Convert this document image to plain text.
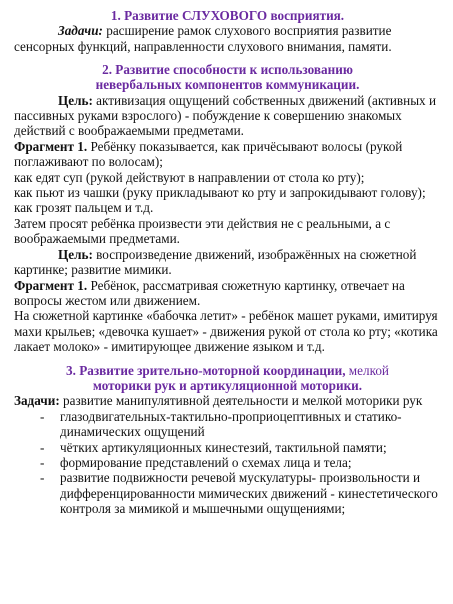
1. Развитие СЛУХОВОГО восприятия.

Задачи: расширение рамок слухового восприятия развитие сенсорных функций, направленности слухового внимания, памяти.

2. Развитие способности к использованию
невербальных компонентов коммуникации.

Цель: активизация ощущений собственных движений (активных и пассивных руками взрослого) - побуждение к совершению знакомых действий с воображаемыми предметами.

Фрагмент 1. Ребёнку показывается, как причёсывают волосы (рукой поглаживают по волосам);

как едят суп (рукой действуют в направлении от стола ко рту);

как пьют из чашки (руку прикладывают ко рту и запрокидывают голову); как грозят пальцем и т.д.

Затем просят ребёнка произвести эти действия не с реальными, а с воображаемыми предметами.

Цель: воспроизведение движений, изображённых на сюжетной картинке; развитие мимики.

Фрагмент 1. Ребёнок, рассматривая сюжетную картинку, отвечает на вопросы жестом или движением.

На сюжетной картинке «бабочка летит» - ребёнок машет руками, имитируя махи крыльев; «девочка кушает» - движения рукой от стола ко рту; «котика лакает молоко» - имитирующее движение языком и т.д.

3. Развитие зрительно-моторной координации, мелкой
моторики рук и артикуляционной моторики.

Задачи: развитие манипулятивной деятельности и мелкой моторики рук

- глазодвигательных-тактильно-проприоцептивных и статико-динамических ощущений
- чётких артикуляционных кинестезий, тактильной памяти;
- формирование представлений о схемах лица и тела;
- развитие подвижности речевой мускулатуры- произвольности и дифференцированности мимических движений - кинестетического контроля за мимикой и мышечными ощущениями;
